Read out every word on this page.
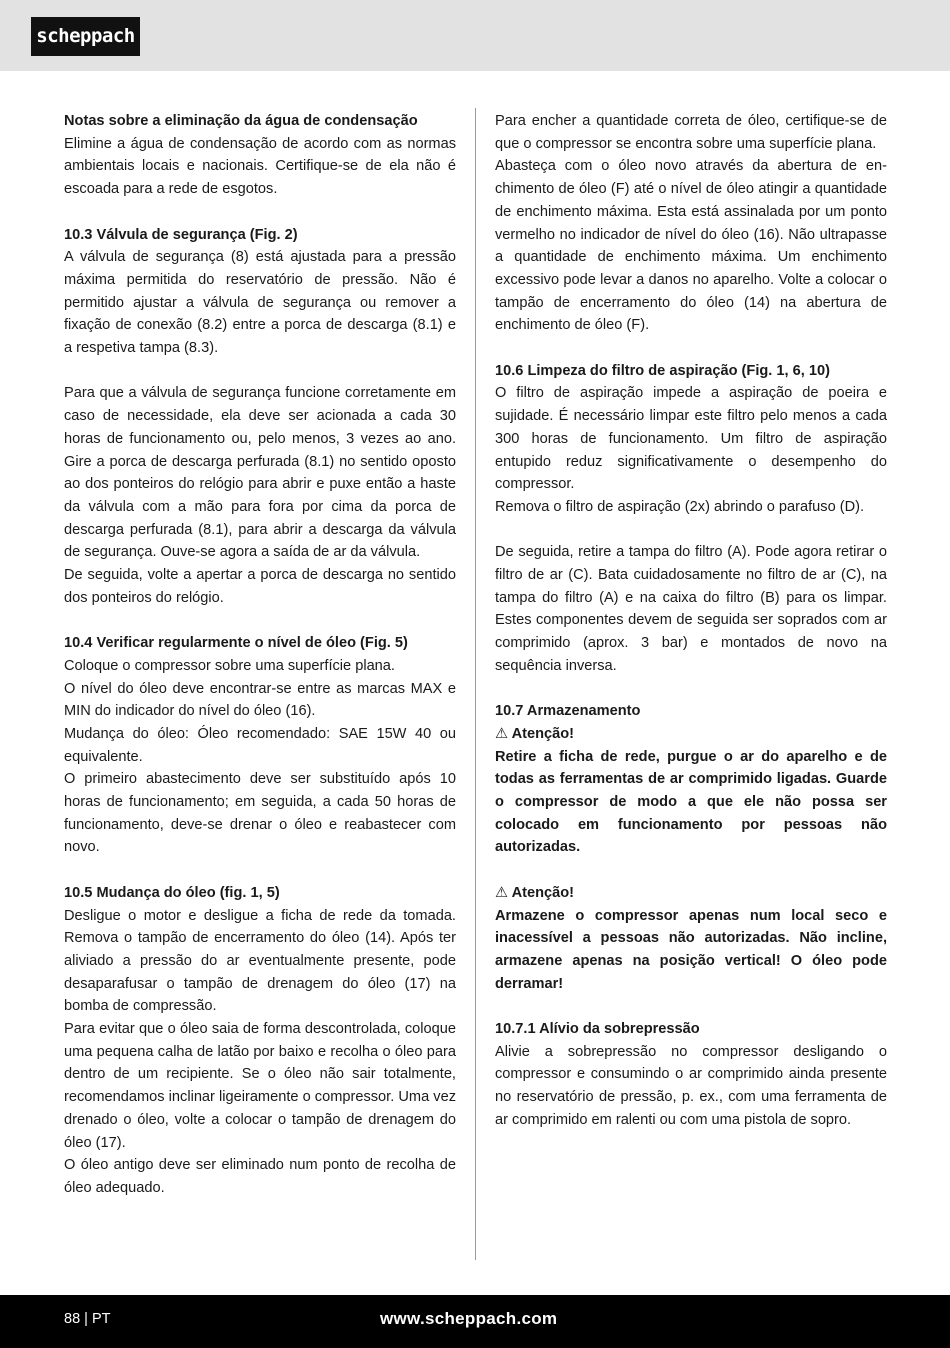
scheppach

Notas sobre a eliminação da água de condensação

Elimine a água de condensação de acordo com as normas ambientais locais e nacionais. Certifique-se de ela não é escoada para a rede de esgotos.

10.3 Válvula de segurança (Fig. 2)

A válvula de segurança (8) está ajustada para a pressão máxima permitida do reservatório de pressão. Não é permitido ajustar a válvula de segurança ou remover a fixação de conexão (8.2) entre a porca de descarga (8.1) e a respetiva tampa (8.3).

Para que a válvula de segurança funcione corretamente em caso de necessidade, ela deve ser acionada a cada 30 horas de funcionamento ou, pelo menos, 3 vezes ao ano. Gire a porca de descarga perfurada (8.1) no sentido oposto ao dos ponteiros do relógio para abrir e puxe então a haste da válvula com a mão para fora por cima da porca de descarga perfurada (8.1), para abrir a descarga da válvula de segurança. Ouve-se agora a saída de ar da válvula.

De seguida, volte a apertar a porca de descarga no sentido dos ponteiros do relógio.

10.4 Verificar regularmente o nível de óleo (Fig. 5)

Coloque o compressor sobre uma superfície plana.

O nível do óleo deve encontrar-se entre as marcas MAX e MIN do indicador do nível do óleo (16).

Mudança do óleo: Óleo recomendado: SAE 15W 40 ou equivalente.

O primeiro abastecimento deve ser substituído após 10 horas de funcionamento; em seguida, a cada 50 horas de funcionamento, deve-se drenar o óleo e reabastecer com novo.

10.5 Mudança do óleo (fig. 1, 5)

Desligue o motor e desligue a ficha de rede da tomada. Remova o tampão de encerramento do óleo (14). Após ter aliviado a pressão do ar eventualmente presente, pode desaparafusar o tampão de drenagem do óleo (17) na bomba de compressão.

Para evitar que o óleo saia de forma descontrolada, coloque uma pequena calha de latão por baixo e recolha o óleo para dentro de um recipiente. Se o óleo não sair totalmente, recomendamos inclinar ligeiramente o compressor. Uma vez drenado o óleo, volte a colocar o tampão de drenagem do óleo (17).

O óleo antigo deve ser eliminado num ponto de recolha de óleo adequado.

Para encher a quantidade correta de óleo, certifique-se de que o compressor se encontra sobre uma superfície plana.

Abasteça com o óleo novo através da abertura de enchimento de óleo (F) até o nível de óleo atingir a quantidade de enchimento máxima. Esta está assinalada por um ponto vermelho no indicador de nível do óleo (16). Não ultrapasse a quantidade de enchimento máxima. Um enchimento excessivo pode levar a danos no aparelho. Volte a colocar o tampão de encerramento do óleo (14) na abertura de enchimento de óleo (F).

10.6 Limpeza do filtro de aspiração (Fig. 1, 6, 10)

O filtro de aspiração impede a aspiração de poeira e sujidade. É necessário limpar este filtro pelo menos a cada 300 horas de funcionamento. Um filtro de aspiração entupido reduz significativamente o desempenho do compressor.

Remova o filtro de aspiração (2x) abrindo o parafuso (D).

De seguida, retire a tampa do filtro (A). Pode agora retirar o filtro de ar (C). Bata cuidadosamente no filtro de ar (C), na tampa do filtro (A) e na caixa do filtro (B) para os limpar. Estes componentes devem de seguida ser soprados com ar comprimido (aprox. 3 bar) e montados de novo na sequência inversa.

10.7 Armazenamento

⚠ Atenção!

Retire a ficha de rede, purgue o ar do aparelho e de todas as ferramentas de ar comprimido ligadas. Guarde o compressor de modo a que ele não possa ser colocado em funcionamento por pessoas não autorizadas.

⚠ Atenção!

Armazene o compressor apenas num local seco e inacessível a pessoas não autorizadas. Não incline, armazene apenas na posição vertical! O óleo pode derramar!

10.7.1 Alívio da sobrepressão

Alivie a sobrepressão no compressor desligando o compressor e consumindo o ar comprimido ainda presente no reservatório de pressão, p. ex., com uma ferramenta de ar comprimido em ralenti ou com uma pistola de sopro.

88 | PT	www.scheppach.com
